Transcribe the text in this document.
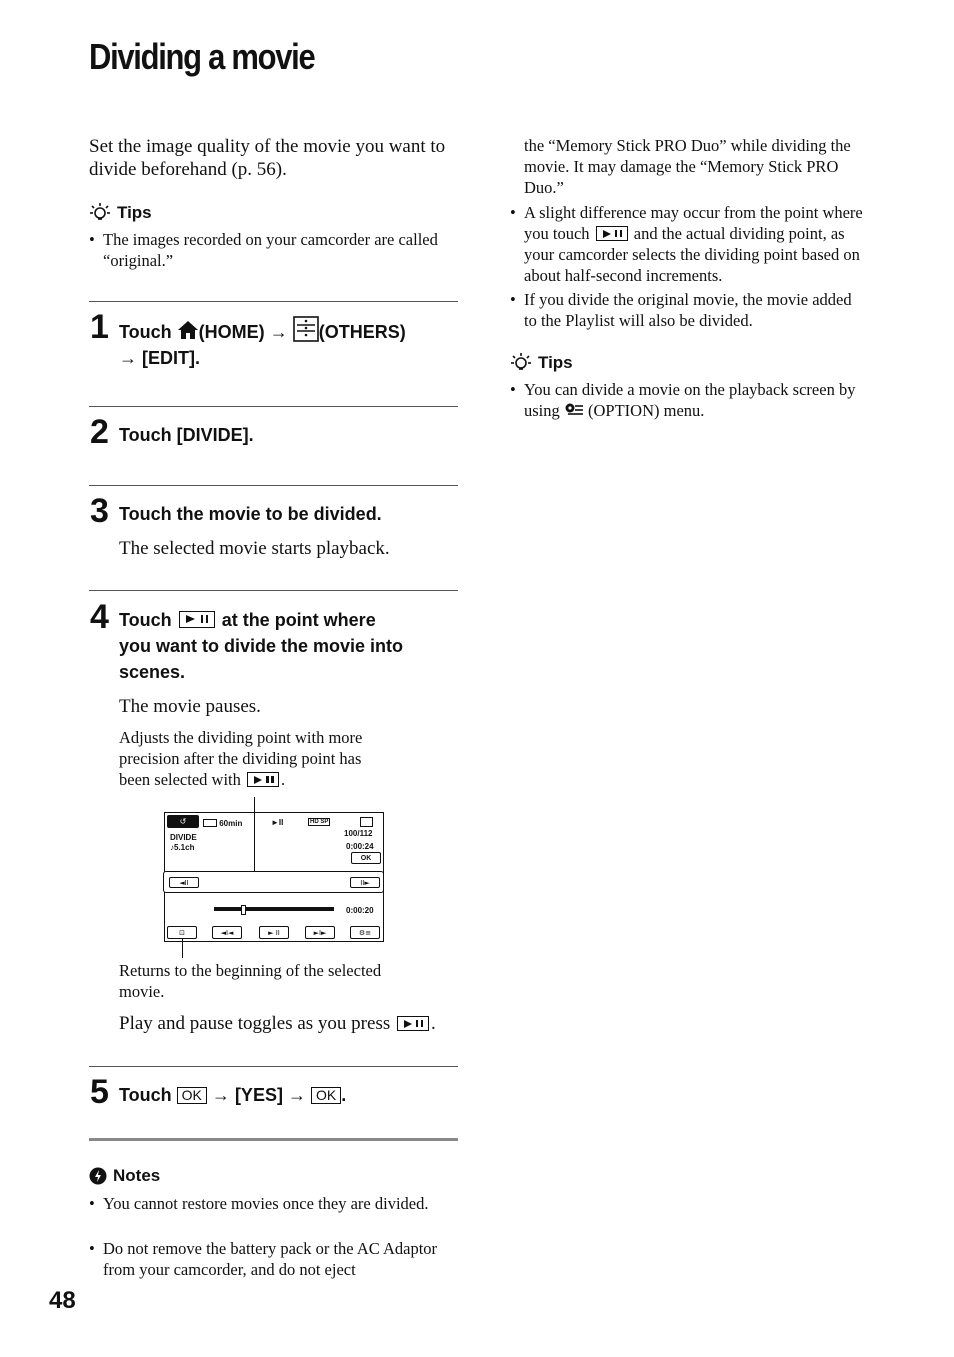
Dividing a movie
Set the image quality of the movie you want to divide beforehand (p. 56).
Tips
• The images recorded on your camcorder are called “original.”
1 Touch (HOME) → (OTHERS)
→ [EDIT].
2 Touch [DIVIDE].
3 Touch the movie to be divided.
The selected movie starts playback.
4 Touch	at the point where
you want to divide the movie into
scenes.
The movie pauses.
Adjusts the dividing point with more
precision after the dividing point has
been selected with .
↺	60min
DIVIDE
♪5.1ch
►II	HD SP
100/112
0:00:24
OK
◄II	II►
0:00:20
⊡	◄I◄	► II	►I►	⚙≡
Returns to the beginning of the selected movie.
Play and pause toggles as you press .
5 Touch OK → [YES] → OK .
Notes
• You cannot restore movies once they are divided.
• Do not remove the battery pack or the AC Adaptor from your camcorder, and do not eject
the “Memory Stick PRO Duo” while dividing the movie. It may damage the “Memory Stick PRO Duo.”
• A slight difference may occur from the point where you touch	and the actual dividing point, as your camcorder selects the dividing point based on about half-second increments.
• If you divide the original movie, the movie added to the Playlist will also be divided.
Tips
• You can divide a movie on the playback screen by using (OPTION) menu.
48
